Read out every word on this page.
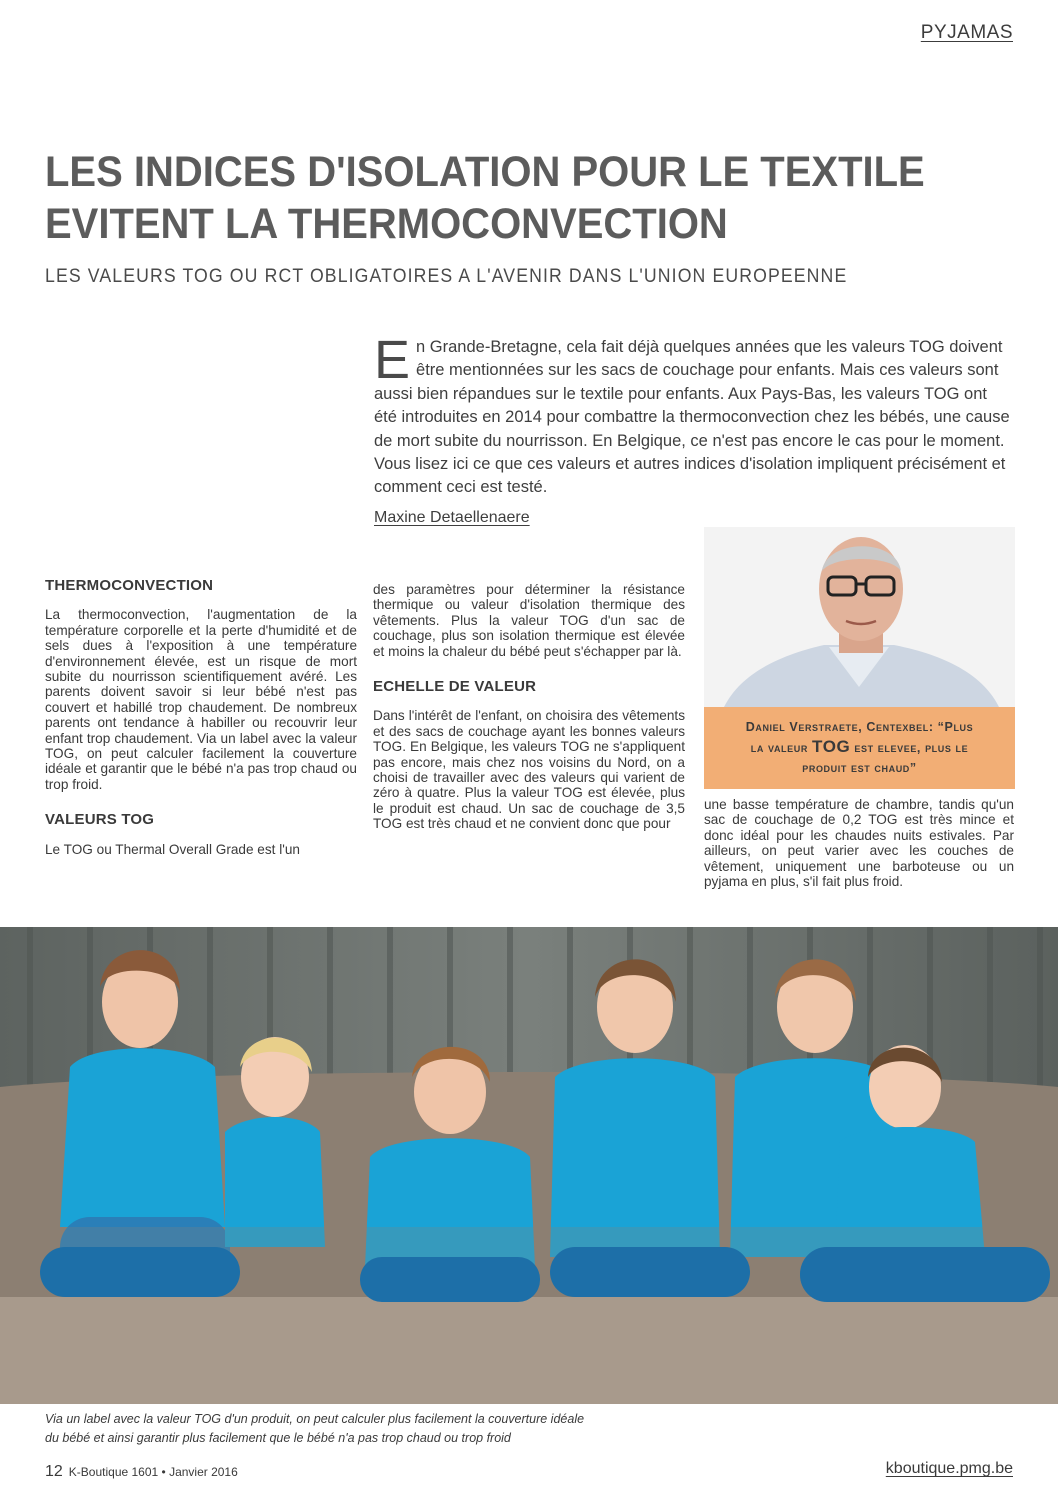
PYJAMAS
LES INDICES D'ISOLATION POUR LE TEXTILE
EVITENT LA THERMOCONVECTION
LES VALEURS TOG OU RCT OBLIGATOIRES A L'AVENIR DANS L'UNION EUROPEENNE
En Grande-Bretagne, cela fait déjà quelques années que les valeurs TOG doivent être mentionnées sur les sacs de couchage pour enfants. Mais ces valeurs sont aussi bien répandues sur le textile pour enfants. Aux Pays-Bas, les valeurs TOG ont été introduites en 2014 pour combattre la thermoconvection chez les bébés, une cause de mort subite du nourrisson. En Belgique, ce n'est pas encore le cas pour le moment. Vous lisez ici ce que ces valeurs et autres indices d'isolation impliquent précisément et comment ceci est testé.
Maxine Detaellenaere
THERMOCONVECTION

La thermoconvection, l'augmentation de la température corporelle et la perte d'humidité et de sels dues à l'exposition à une température d'environnement élevée, est un risque de mort subite du nourrisson scientifiquement avéré. Les parents doivent savoir si leur bébé n'est pas couvert et habillé trop chaudement. De nombreux parents ont tendance à habiller ou recouvrir leur enfant trop chaudement. Via un label avec la valeur TOG, on peut calculer facilement la couverture idéale et garantir que le bébé n'a pas trop chaud ou trop froid.

VALEURS TOG

Le TOG ou Thermal Overall Grade est l'un

des paramètres pour déterminer la résistance thermique ou valeur d'isolation thermique des vêtements. Plus la valeur TOG d'un sac de couchage, plus son isolation thermique est élevée et moins la chaleur du bébé peut s'échapper par là.

ECHELLE DE VALEUR

Dans l'intérêt de l'enfant, on choisira des vêtements et des sacs de couchage ayant les bonnes valeurs TOG. En Belgique, les valeurs TOG ne s'appliquent pas encore, mais chez nos voisins du Nord, on a choisi de travailler avec des valeurs qui varient de zéro à quatre. Plus la valeur TOG est élevée, plus le produit est chaud. Un sac de couchage de 3,5 TOG est très chaud et ne convient donc que pour

Daniel Verstraete, Centexbel: “Plus
la valeur TOG est elevee, plus le
produit est chaud”

une basse température de chambre, tandis qu'un sac de couchage de 0,2 TOG est très mince et donc idéal pour les chaudes nuits estivales. Par ailleurs, on peut varier avec les couches de vêtement, uniquement une barboteuse ou un pyjama en plus, s'il fait plus froid.

Via un label avec la valeur TOG d'un produit, on peut calculer plus facilement la couverture idéale
du bébé et ainsi garantir plus facilement que le bébé n'a pas trop chaud ou trop froid
12 K-Boutique 1601 • Janvier 2016	kboutique.pmg.be
